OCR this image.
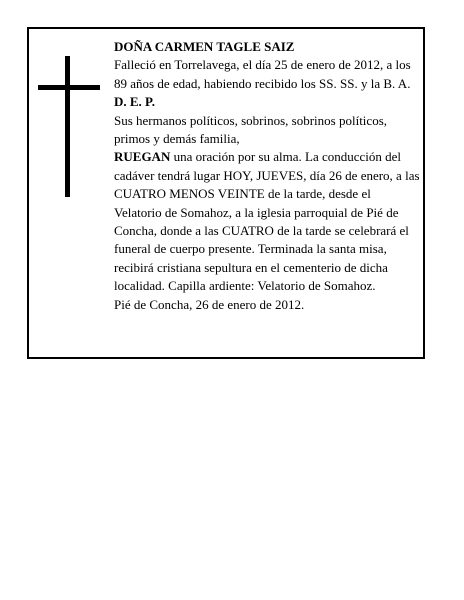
DOÑA CARMEN TAGLE SAIZ

Falleció en Torrelavega, el día 25 de enero de 2012, a los 89 años de edad, habiendo recibido los SS. SS. y la B. A.

D. E. P.

Sus hermanos políticos, sobrinos, sobrinos políticos, primos y demás familia,

RUEGAN una oración por su alma. La conducción del cadáver tendrá lugar HOY, JUEVES, día 26 de enero, a las CUATRO MENOS VEINTE de la tarde, desde el Velatorio de Somahoz, a la iglesia parroquial de Pié de Concha, donde a las CUATRO de la tarde se celebrará el funeral de cuerpo presente. Terminada la santa misa, recibirá cristiana sepultura en el cementerio de dicha localidad. Capilla ardiente: Velatorio de Somahoz.

Pié de Concha, 26 de enero de 2012.
